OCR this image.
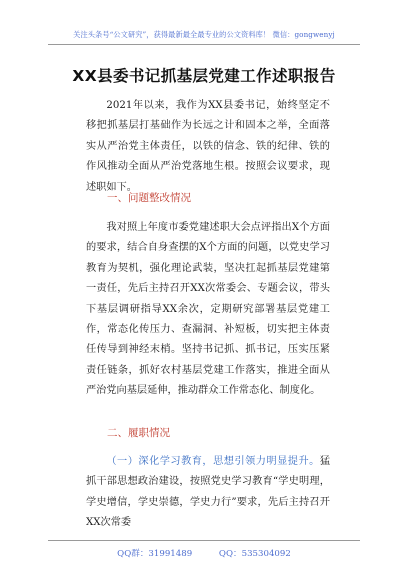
关注头条号“公文研究”，获得最新最全最专业的公文资料库！ 微信：gongwenyj
XX县委书记抓基层党建工作述职报告

2021年以来，我作为XX县委书记，始终坚定不移把抓基层打基础作为长远之计和固本之举，全面落实从严治党主体责任，以铁的信念、铁的纪律、铁的作风推动全面从严治党落地生根。按照会议要求，现述职如下。

一、问题整改情况

我对照上年度市委党建述职大会点评指出X个方面的要求，结合自身查摆的X个方面的问题，以党史学习教育为契机，强化理论武装，坚决扛起抓基层党建第一责任，先后主持召开XX次常委会、专题会议，带头下基层调研指导XX余次，定期研究部署基层党建工作，常态化传压力、查漏洞、补短板，切实把主体责任传导到神经末梢。坚持书记抓、抓书记，压实压紧责任链条，抓好农村基层党建工作落实，推进全面从严治党向基层延伸，推动群众工作常态化、制度化。

二、履职情况

（一）深化学习教育，思想引领力明显提升。猛抓干部思想政治建设，按照党史学习教育“学史明理，学史增信，学史崇德，学史力行”要求，先后主持召开XX次常委

QQ群：31991489	QQ：535304092
